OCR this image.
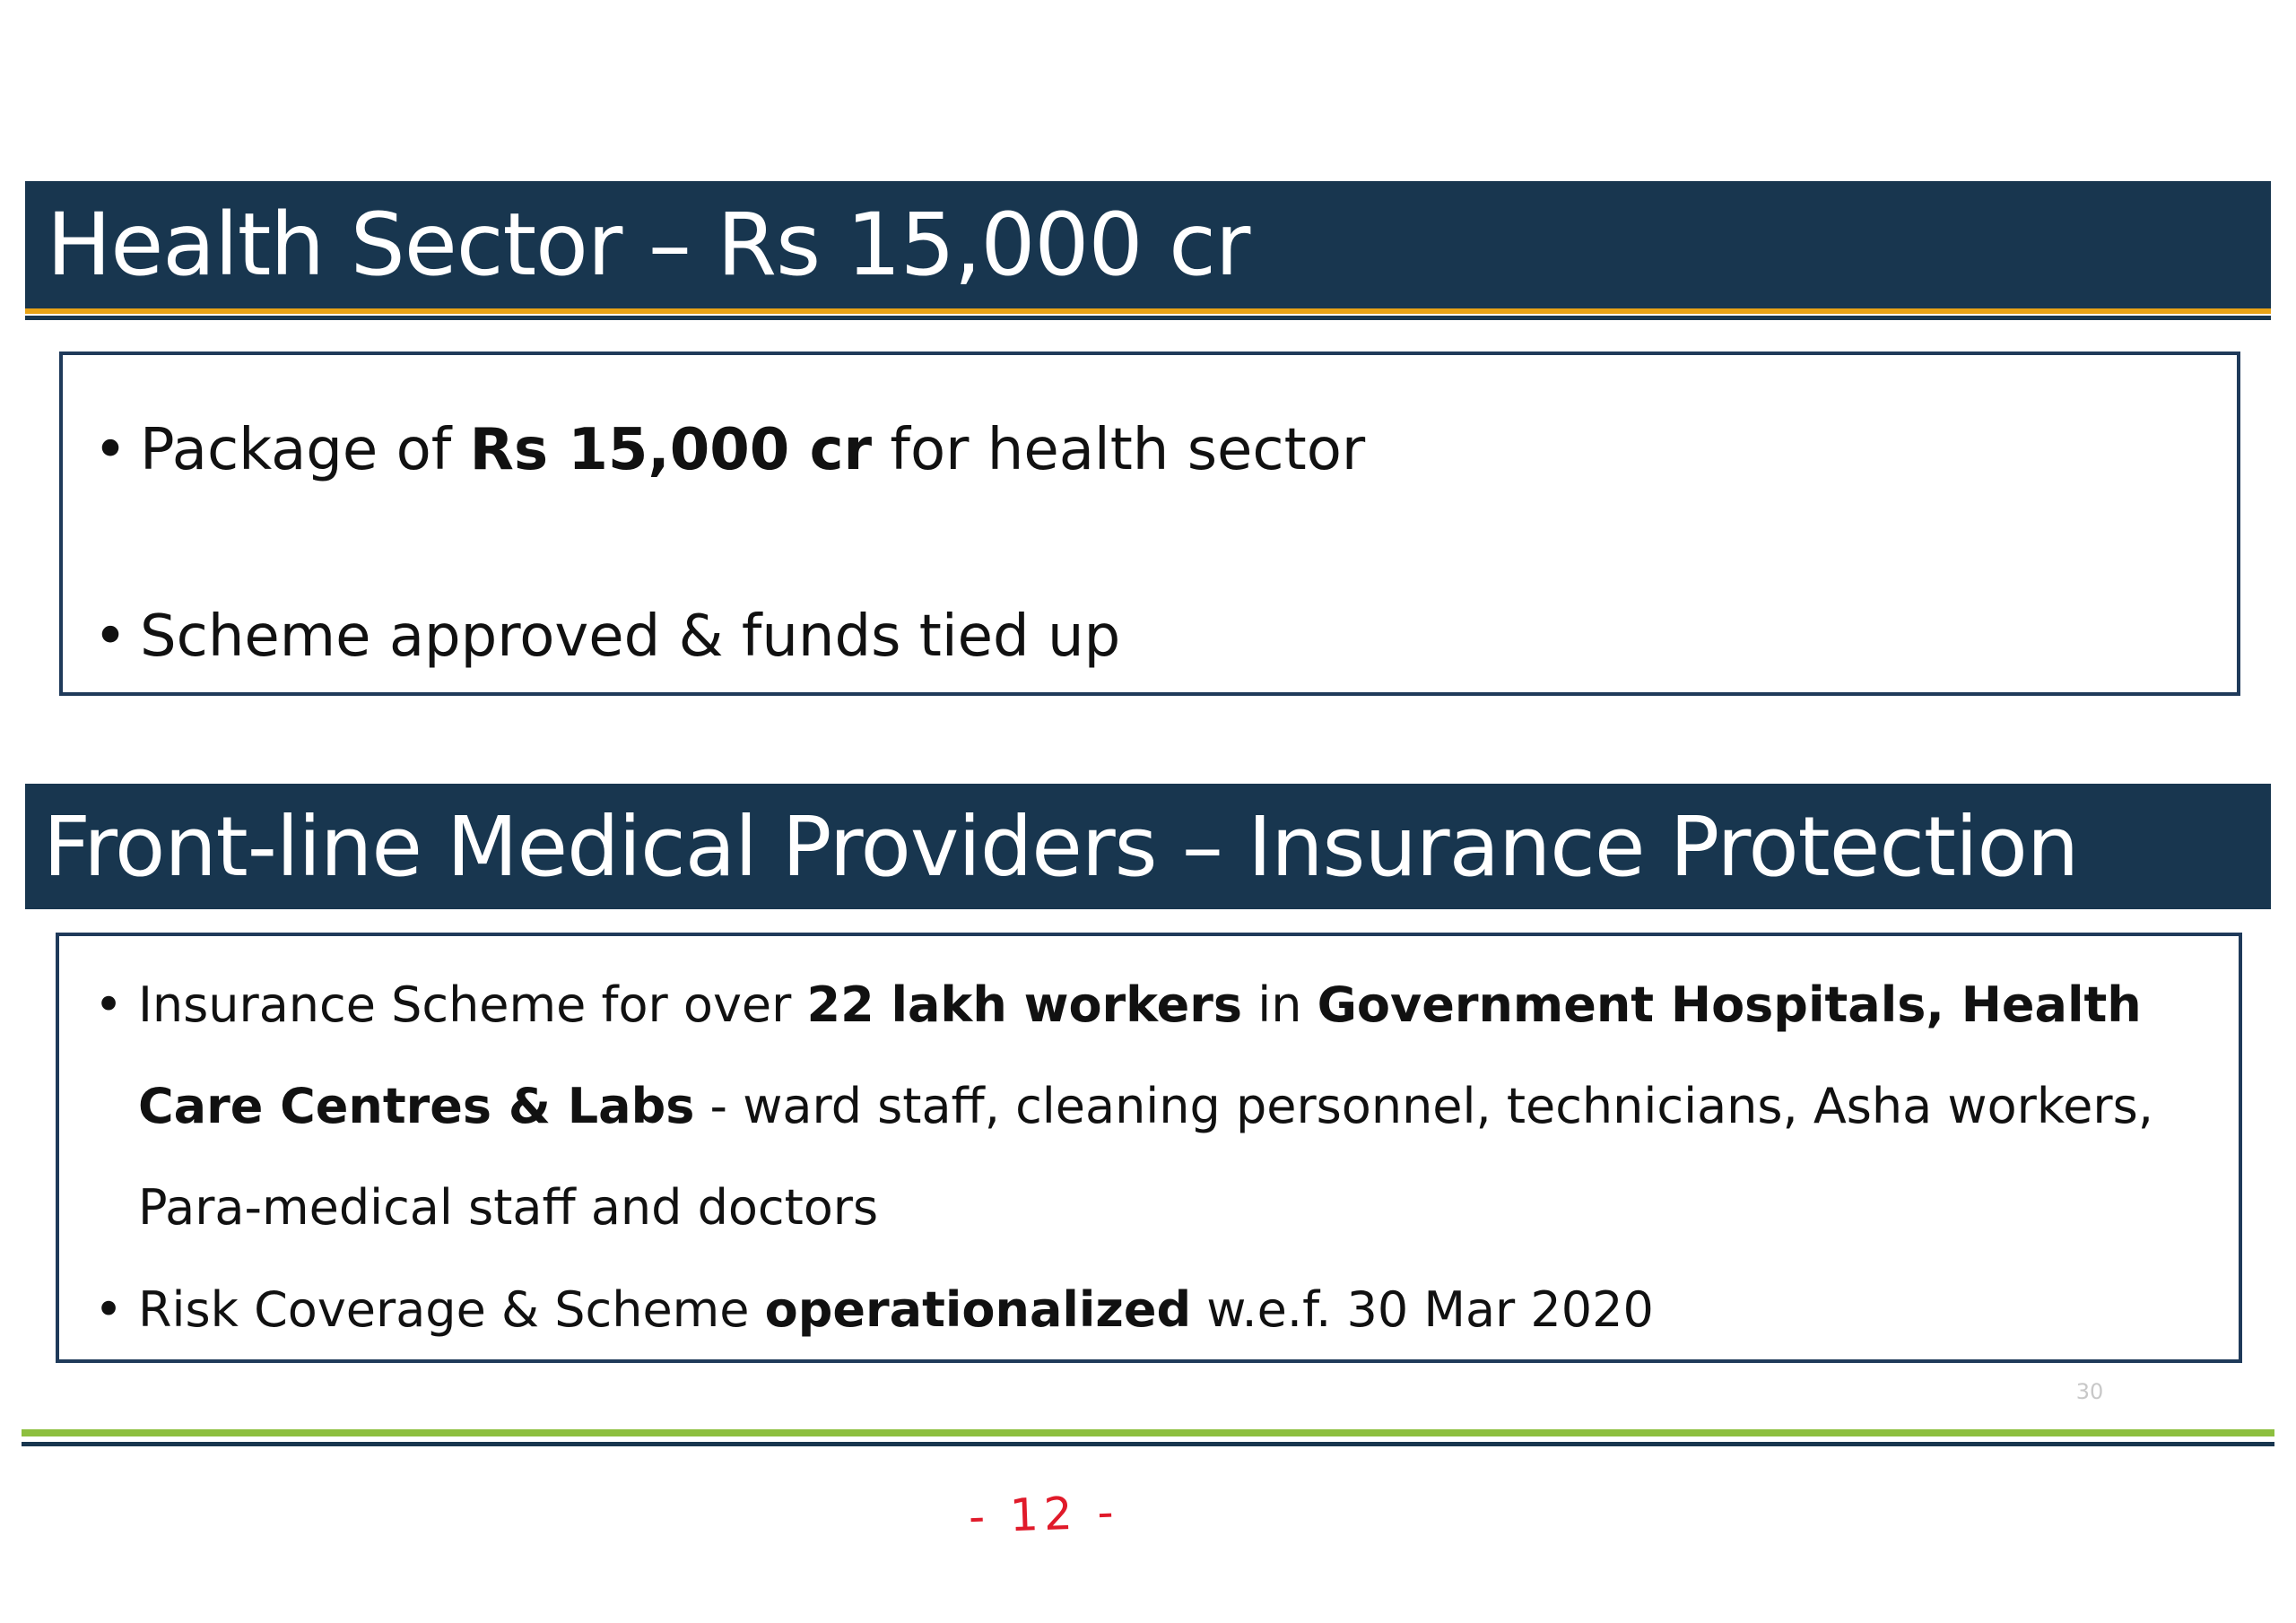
Health Sector – Rs 15,000 cr
• Package of Rs 15,000 cr for health sector
• Scheme approved & funds tied up
Front-line Medical Providers – Insurance Protection
• Insurance Scheme for over 22 lakh workers in Government Hospitals, Health Care Centres & Labs - ward staff, cleaning personnel, technicians, Asha workers, Para-medical staff and doctors
• Risk Coverage & Scheme operationalized w.e.f. 30 Mar 2020
30
- 12 -
